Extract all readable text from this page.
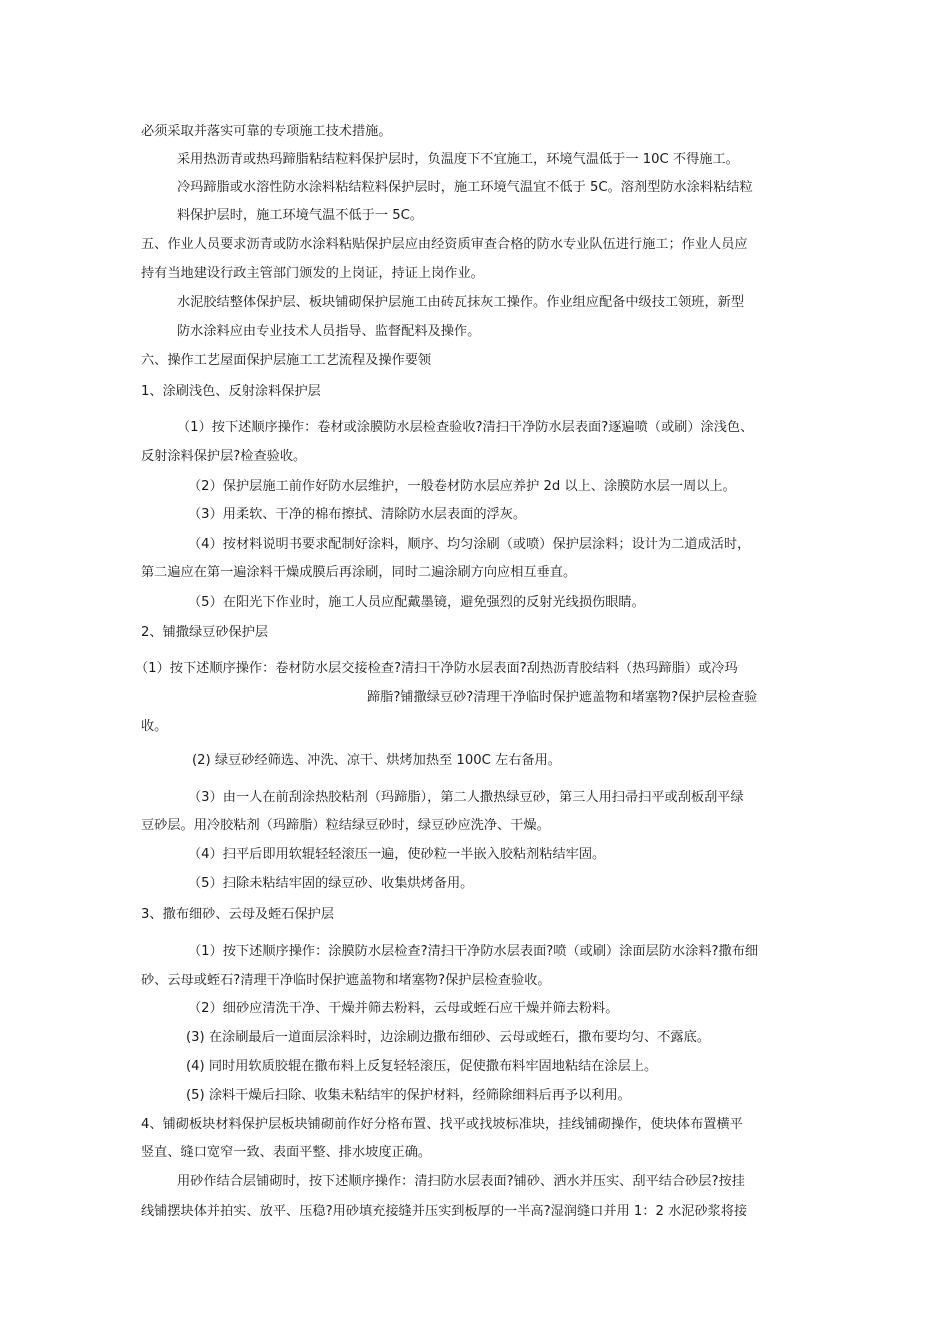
必须采取并落实可靠的专项施工技术措施。
采用热沥青或热玛蹄脂粘结粒料保护层时，负温度下不宜施工，环境气温低于一 10C 不得施工。
冷玛蹄脂或水溶性防水涂料粘结粒料保护层时，施工环境气温宜不低于 5C。溶剂型防水涂料粘结粒
料保护层时，施工环境气温不低于一 5C。
五、作业人员要求沥青或防水涂料粘贴保护层应由经资质审查合格的防水专业队伍进行施工；作业人员应
持有当地建设行政主管部门颁发的上岗证，持证上岗作业。
水泥胶结整体保护层、板块铺砌保护层施工由砖瓦抹灰工操作。作业组应配备中级技工领班，新型
防水涂料应由专业技术人员指导、监督配料及操作。
六、操作工艺屋面保护层施工工艺流程及操作要领
1、涂刷浅色、反射涂料保护层
（1）按下述顺序操作：卷材或涂膜防水层检查验收?清扫干净防水层表面?逐遍喷（或刷）涂浅色、
反射涂料保护层?检查验收。
（2）保护层施工前作好防水层维护，一般卷材防水层应养护 2d 以上、涂膜防水层一周以上。
（3）用柔软、干净的棉布擦拭、清除防水层表面的浮灰。
（4）按材料说明书要求配制好涂料，顺序、均匀涂刷（或喷）保护层涂料；设计为二道成活时，
第二遍应在第一遍涂料干燥成膜后再涂刷，同时二遍涂刷方向应相互垂直。
（5）在阳光下作业时，施工人员应配戴墨镜，避免强烈的反射光线损伤眼睛。
2、铺撒绿豆砂保护层
（1）按下述顺序操作：卷材防水层交接检查?清扫干净防水层表面?刮热沥青胶结料（热玛蹄脂）或冷玛
蹄脂?铺撒绿豆砂?清理干净临时保护遮盖物和堵塞物?保护层检查验
收。
(2) 绿豆砂经筛选、冲洗、凉干、烘烤加热至 100C 左右备用。
（3）由一人在前刮涂热胶粘剂（玛蹄脂），第二人撒热绿豆砂，第三人用扫帚扫平或刮板刮平绿
豆砂层。用冷胶粘剂（玛蹄脂）粒结绿豆砂时，绿豆砂应洗净、干燥。
（4）扫平后即用软辊轻轻滚压一遍，使砂粒一半嵌入胶粘剂粘结牢固。
（5）扫除未粘结牢固的绿豆砂、收集烘烤备用。
3、撒布细砂、云母及蛭石保护层
（1）按下述顺序操作：涂膜防水层检查?清扫干净防水层表面?喷（或刷）涂面层防水涂料?撒布细
砂、云母或蛭石?清理干净临时保护遮盖物和堵塞物?保护层检查验收。
（2）细砂应清洗干净、干燥并筛去粉料，云母或蛭石应干燥并筛去粉料。
(3) 在涂刷最后一道面层涂料时，边涂刷边撒布细砂、云母或蛭石，撒布要均匀、不露底。
(4) 同时用软质胶辊在撒布料上反复轻轻滚压，促使撒布料牢固地粘结在涂层上。
(5) 涂料干燥后扫除、收集未粘结牢的保护材料，经筛除细料后再予以利用。
4、铺砌板块材料保护层板块铺砌前作好分格布置、找平或找坡标准块，挂线铺砌操作，使块体布置横平
竖直、缝口宽窄一致、表面平整、排水坡度正确。
用砂作结合层铺砌时，按下述顺序操作：清扫防水层表面?铺砂、洒水并压实、刮平结合砂层?按挂
线铺摆块体并拍实、放平、压稳?用砂填充接缝并压实到板厚的一半高?湿润缝口并用 1：2 水泥砂浆将接
